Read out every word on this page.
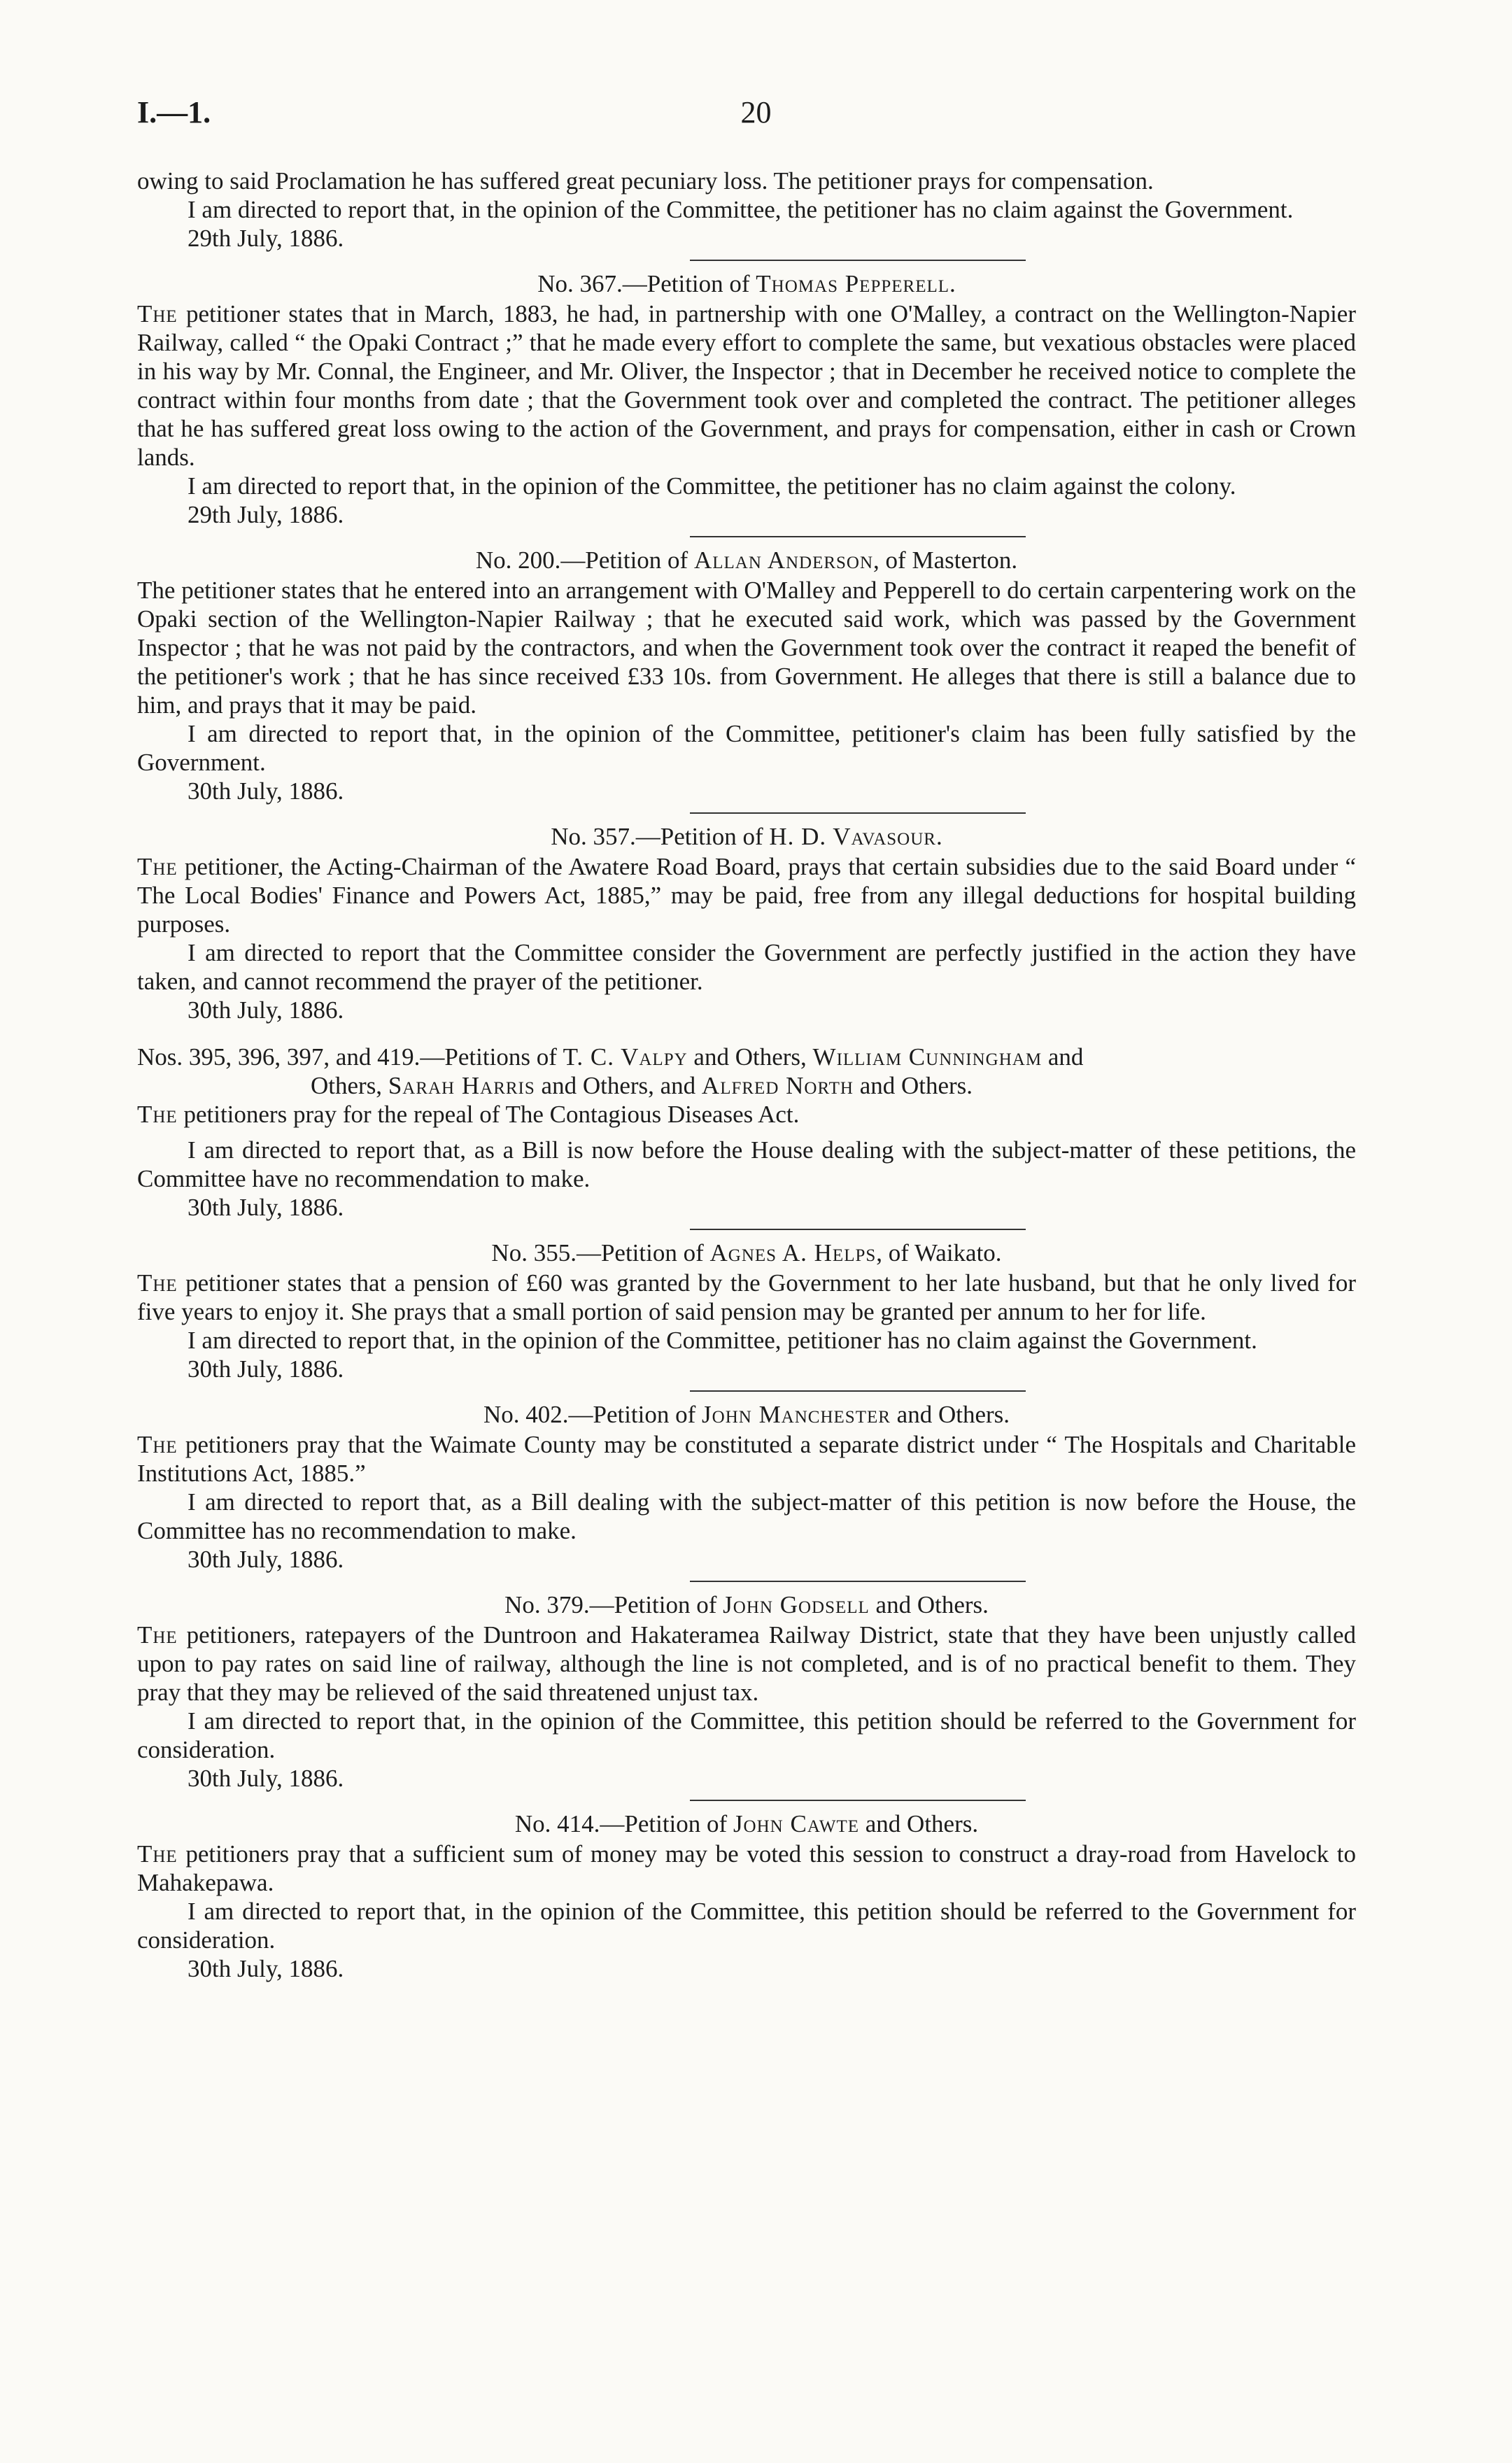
I.—1.	20

owing to said Proclamation he has suffered great pecuniary loss. The petitioner prays for compensation.

I am directed to report that, in the opinion of the Committee, the petitioner has no claim against the Government.

29th July, 1886.
No. 367.—Petition of Thomas Pepperell.

The petitioner states that in March, 1883, he had, in partnership with one O'Malley, a contract on the Wellington-Napier Railway, called “ the Opaki Contract ;” that he made every effort to complete the same, but vexatious obstacles were placed in his way by Mr. Connal, the Engineer, and Mr. Oliver, the Inspector ; that in December he received notice to complete the contract within four months from date ; that the Government took over and completed the contract. The petitioner alleges that he has suffered great loss owing to the action of the Government, and prays for compensation, either in cash or Crown lands.

I am directed to report that, in the opinion of the Committee, the petitioner has no claim against the colony.

29th July, 1886.
No. 200.—Petition of Allan Anderson, of Masterton.

The petitioner states that he entered into an arrangement with O'Malley and Pepperell to do certain carpentering work on the Opaki section of the Wellington-Napier Railway ; that he executed said work, which was passed by the Government Inspector ; that he was not paid by the contractors, and when the Government took over the contract it reaped the benefit of the petitioner's work ; that he has since received £33 10s. from Government. He alleges that there is still a balance due to him, and prays that it may be paid.

I am directed to report that, in the opinion of the Committee, petitioner's claim has been fully satisfied by the Government.

30th July, 1886.
No. 357.—Petition of H. D. Vavasour.

The petitioner, the Acting-Chairman of the Awatere Road Board, prays that certain subsidies due to the said Board under “ The Local Bodies' Finance and Powers Act, 1885,” may be paid, free from any illegal deductions for hospital building purposes.

I am directed to report that the Committee consider the Government are perfectly justified in the action they have taken, and cannot recommend the prayer of the petitioner.

30th July, 1886.
Nos. 395, 396, 397, and 419.—Petitions of T. C. Valpy and Others, William Cunningham and
Others, Sarah Harris and Others, and Alfred North and Others.

The petitioners pray for the repeal of The Contagious Diseases Act.

I am directed to report that, as a Bill is now before the House dealing with the subject-matter of these petitions, the Committee have no recommendation to make.

30th July, 1886.
No. 355.—Petition of Agnes A. Helps, of Waikato.

The petitioner states that a pension of £60 was granted by the Government to her late husband, but that he only lived for five years to enjoy it. She prays that a small portion of said pension may be granted per annum to her for life.

I am directed to report that, in the opinion of the Committee, petitioner has no claim against the Government.

30th July, 1886.
No. 402.—Petition of John Manchester and Others.

The petitioners pray that the Waimate County may be constituted a separate district under “ The Hospitals and Charitable Institutions Act, 1885.”

I am directed to report that, as a Bill dealing with the subject-matter of this petition is now before the House, the Committee has no recommendation to make.

30th July, 1886.
No. 379.—Petition of John Godsell and Others.

The petitioners, ratepayers of the Duntroon and Hakateramea Railway District, state that they have been unjustly called upon to pay rates on said line of railway, although the line is not completed, and is of no practical benefit to them. They pray that they may be relieved of the said threatened unjust tax.

I am directed to report that, in the opinion of the Committee, this petition should be referred to the Government for consideration.

30th July, 1886.
No. 414.—Petition of John Cawte and Others.

The petitioners pray that a sufficient sum of money may be voted this session to construct a dray-road from Havelock to Mahakepawa.

I am directed to report that, in the opinion of the Committee, this petition should be referred to the Government for consideration.

30th July, 1886.
